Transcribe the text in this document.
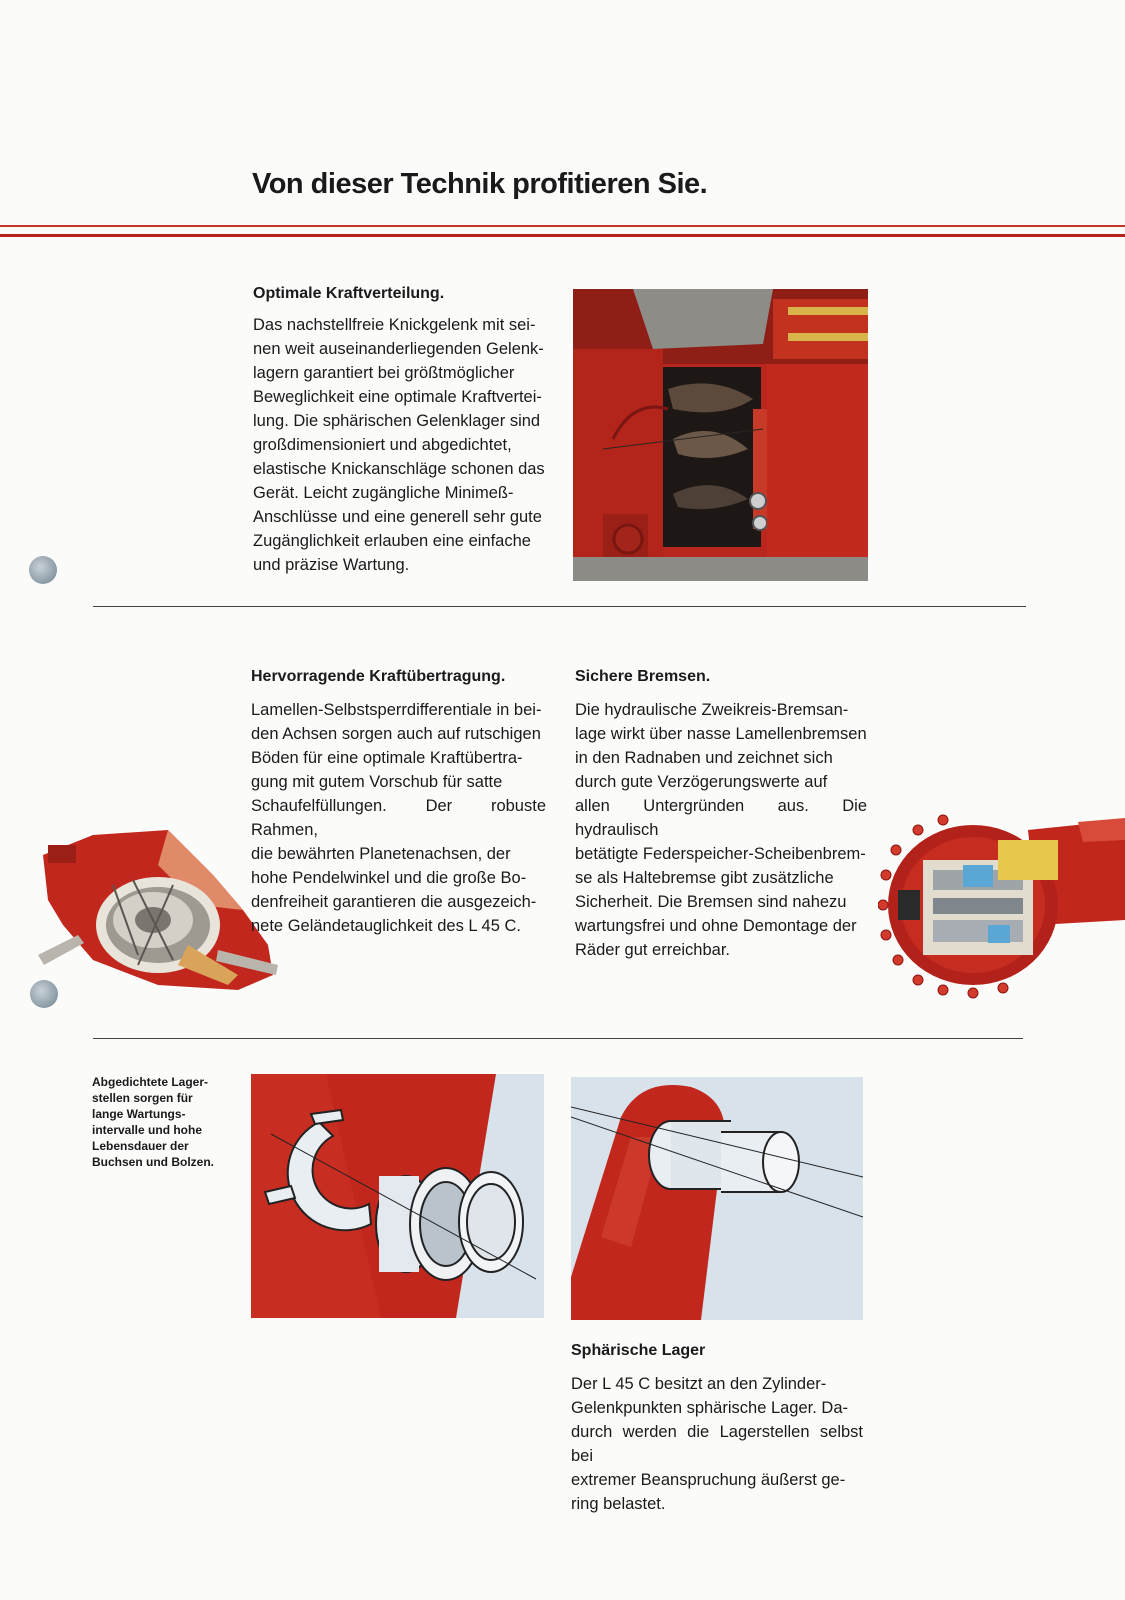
Von dieser Technik profitieren Sie.
Optimale Kraftverteilung.

Das nachstellfreie Knickgelenk mit sei-

nen weit auseinanderliegenden Gelenk-

lagern garantiert bei größtmöglicher

Beweglichkeit eine optimale Kraftvertei-

lung. Die sphärischen Gelenklager sind

großdimensioniert und abgedichtet,

elastische Knickanschläge schonen das

Gerät. Leicht zugängliche Minimeß-

Anschlüsse und eine generell sehr gute

Zugänglichkeit erlauben eine einfache

und präzise Wartung.

Hervorragende Kraftübertragung.

Lamellen-Selbstsperrdifferentiale in bei-

den Achsen sorgen auch auf rutschigen

Böden für eine optimale Kraftübertra-

gung mit gutem Vorschub für satte

Schaufelfüllungen. Der robuste Rahmen,

die bewährten Planetenachsen, der

hohe Pendelwinkel und die große Bo-

denfreiheit garantieren die ausgezeich-

nete Geländetauglichkeit des L 45 C.

Sichere Bremsen.

Die hydraulische Zweikreis-Bremsan-

lage wirkt über nasse Lamellenbremsen

in den Radnaben und zeichnet sich

durch gute Verzögerungswerte auf

allen Untergründen aus. Die hydraulisch

betätigte Federspeicher-Scheibenbrem-

se als Haltebremse gibt zusätzliche

Sicherheit. Die Bremsen sind nahezu

wartungsfrei und ohne Demontage der

Räder gut erreichbar.

Abgedichtete Lager-

stellen sorgen für

lange Wartungs-

intervalle und hohe

Lebensdauer der

Buchsen und Bolzen.

Sphärische Lager

Der L 45 C besitzt an den Zylinder-

Gelenkpunkten sphärische Lager. Da-

durch werden die Lagerstellen selbst bei

extremer Beanspruchung äußerst ge-

ring belastet.
